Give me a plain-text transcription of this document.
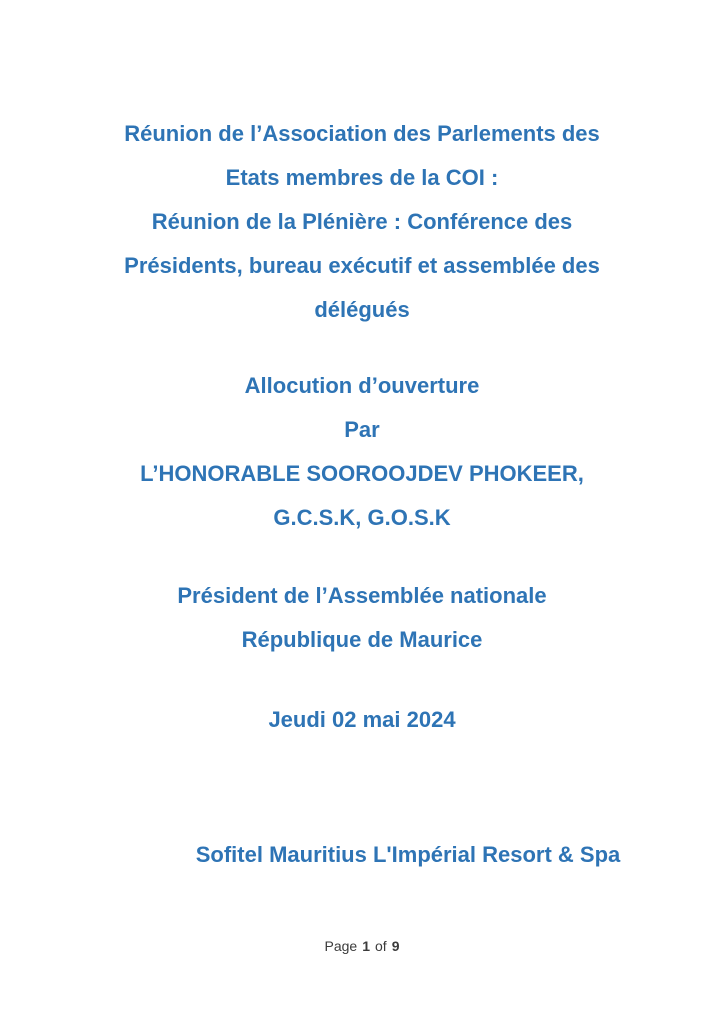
Réunion de l’Association des Parlements des
Etats membres de la COI :
Réunion de la Plénière : Conférence des
Présidents, bureau exécutif et assemblée des
délégués
Allocution d’ouverture
Par
L’HONORABLE SOOROOJDEV PHOKEER,
G.C.S.K, G.O.S.K
Président de l’Assemblée nationale
République de Maurice
Jeudi 02 mai 2024
Sofitel Mauritius L'Impérial Resort & Spa
Page 1 of 9
